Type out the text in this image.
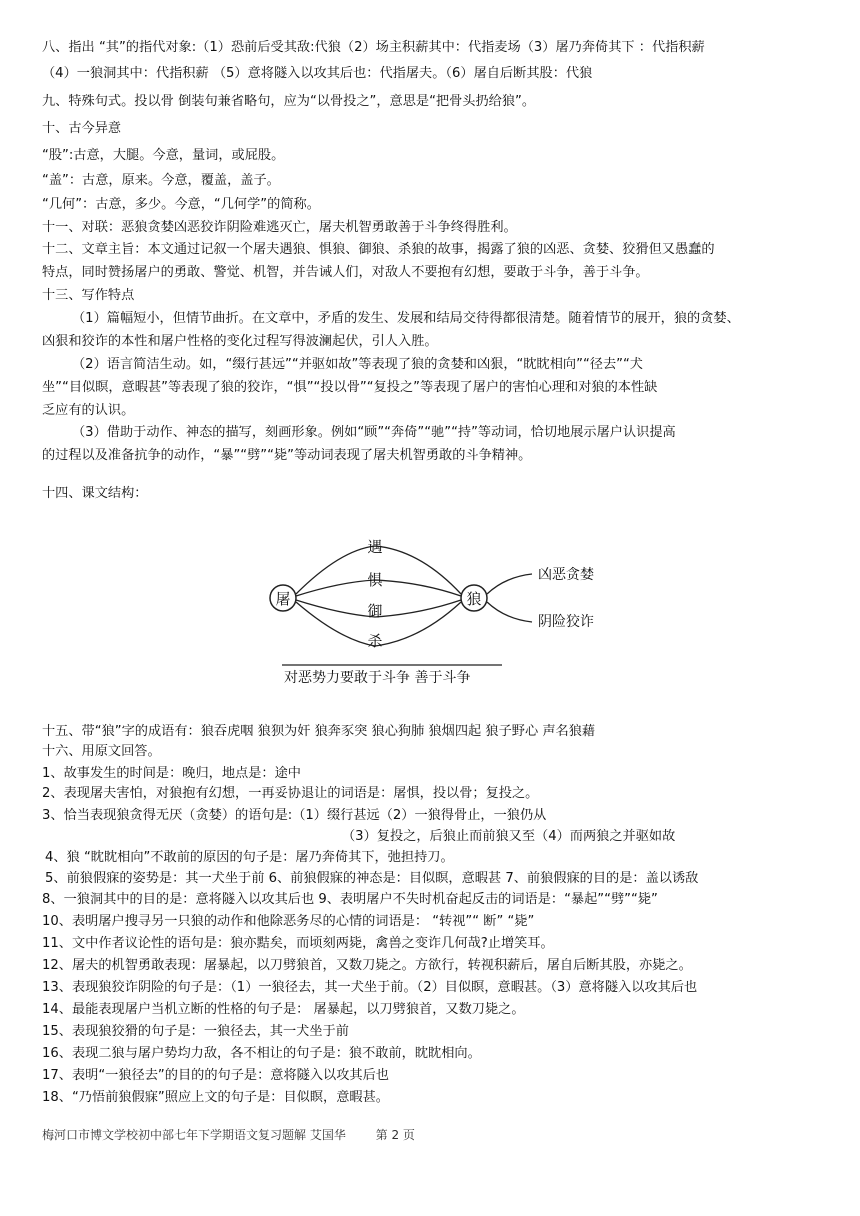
八、指出 “其”的指代对象:（1）恐前后受其敌:代狼（2）场主积薪其中：代指麦场（3）屠乃奔倚其下 ：代指积薪
（4）一狼洞其中：代指积薪 （5）意将隧入以攻其后也：代指屠夫。（6）屠自后断其股：代狼
九、特殊句式。投以骨 倒装句兼省略句，应为“以骨投之”，意思是“把骨头扔给狼”。
十、古今异意
“股”:古意，大腿。今意，量词，或屁股。
“盖”：古意，原来。今意，覆盖，盖子。
“几何”：古意，多少。今意，“几何学”的简称。
十一、对联：恶狼贪婪凶恶狡诈阴险难逃灭亡，屠夫机智勇敢善于斗争终得胜利。
十二、文章主旨：本文通过记叙一个屠夫遇狼、惧狼、御狼、杀狼的故事，揭露了狼的凶恶、贪婪、狡猾但又愚蠢的
特点，同时赞扬屠户的勇敢、警觉、机智，并告诫人们，对敌人不要抱有幻想，要敢于斗争，善于斗争。
十三、写作特点
（1）篇幅短小，但情节曲折。在文章中，矛盾的发生、发展和结局交待得都很清楚。随着情节的展开，狼的贪婪、
凶狠和狡诈的本性和屠户性格的变化过程写得波澜起伏，引人入胜。
（2）语言简洁生动。如，“缀行甚远”“并驱如故”等表现了狼的贪婪和凶狠，“眈眈相向”“径去”“犬
坐”“目似瞑，意暇甚”等表现了狼的狡诈，“惧”“投以骨”“复投之”等表现了屠户的害怕心理和对狼的本性缺
乏应有的认识。
（3）借助于动作、神态的描写，刻画形象。例如“顾”“奔倚”“驰”“持”等动词，恰切地展示屠户认识提高
的过程以及准备抗争的动作，“暴”“劈”“毙”等动词表现了屠夫机智勇敢的斗争精神。
十四、课文结构：
屠	狼
遇
惧
御
杀
凶恶贪婪
阴险狡诈
对恶势力要敢于斗争 善于斗争
十五、带“狼”字的成语有：狼吞虎咽 狼狈为奸 狼奔豕突 狼心狗肺 狼烟四起 狼子野心 声名狼藉
十六、用原文回答。
1、故事发生的时间是：晚归，地点是：途中
2、表现屠夫害怕，对狼抱有幻想，一再妥协退让的词语是：屠惧，投以骨；复投之。
3、恰当表现狼贪得无厌（贪婪）的语句是:（1）缀行甚远（2）一狼得骨止，一狼仍从
（3）复投之，后狼止而前狼又至（4）而两狼之并驱如故
4、狼 “眈眈相向”不敢前的原因的句子是：屠乃奔倚其下，弛担持刀。
5、前狼假寐的姿势是：其一犬坐于前 6、前狼假寐的神态是：目似瞑，意暇甚 7、前狼假寐的目的是：盖以诱敌
8、一狼洞其中的目的是：意将隧入以攻其后也 9、表明屠户不失时机奋起反击的词语是：“暴起”“劈”“毙”
10、表明屠户搜寻另一只狼的动作和他除恶务尽的心情的词语是： “转视”“ 断” “毙”
11、文中作者议论性的语句是：狼亦黠矣，而顷刻两毙，禽兽之变诈几何哉?止增笑耳。
12、屠夫的机智勇敢表现：屠暴起，以刀劈狼首，又数刀毙之。方欲行，转视积薪后，屠自后断其股，亦毙之。
13、表现狼狡诈阴险的句子是：（1）一狼径去，其一犬坐于前。（2）目似瞑，意暇甚。（3）意将隧入以攻其后也
14、最能表现屠户当机立断的性格的句子是： 屠暴起，以刀劈狼首，又数刀毙之。
15、表现狼狡猾的句子是：一狼径去，其一犬坐于前
16、表现二狼与屠户势均力敌，各不相让的句子是：狼不敢前，眈眈相向。
17、表明“一狼径去”的目的的句子是：意将隧入以攻其后也
18、“乃悟前狼假寐”照应上文的句子是：目似瞑，意暇甚。
梅河口市博文学校初中部七年下学期语文复习题解 艾国华 第 2 页
